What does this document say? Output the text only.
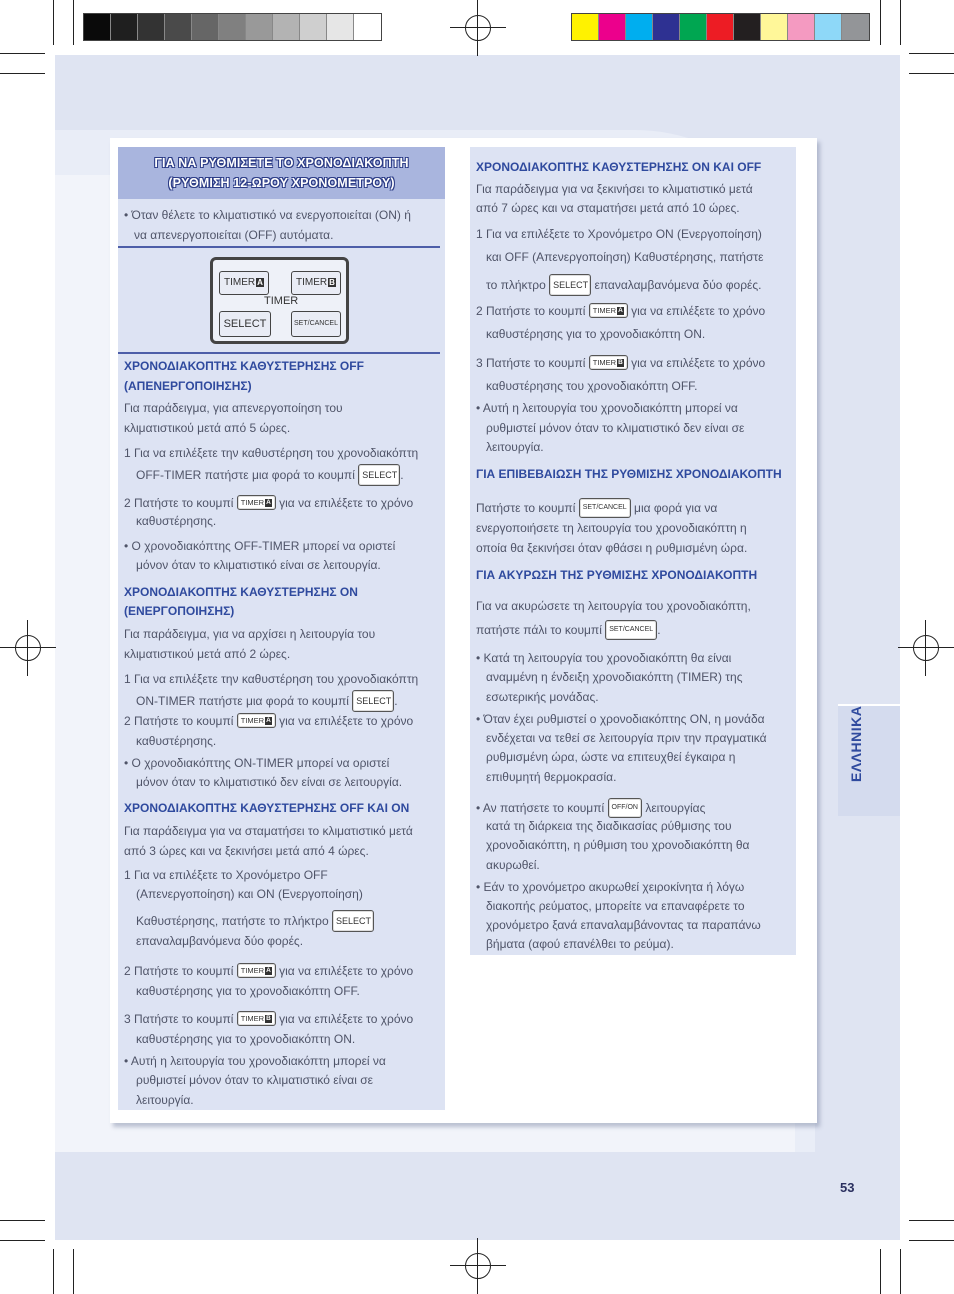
ΓΙΑ ΝΑ ΡΥΘΜΙΣΕΤΕ ΤΟ ΧΡΟΝΟΔΙΑΚΟΠΤΗ
(ΡΥΘΜΙΣΗ 12-ΩΡΟΥ ΧΡΟΝΟΜΕΤΡΟΥ)
• Όταν θέλετε το κλιματιστικό να ενεργοποιείται (ON) ή
να απενεργοποιείται (OFF) αυτόματα.
TIMER A	TIMER B
TIMER
SELECT	SET/CANCEL
ΧΡΟΝΟΔΙΑΚΟΠΤΗΣ ΚΑΘΥΣΤΕΡΗΣΗΣ OFF
(ΑΠΕΝΕΡΓΟΠΟΙΗΣΗΣ)
Για παράδειγμα, για απενεργοποίηση του
κλιματιστικού μετά από 5 ώρες.
1 Για να επιλέξετε την καθυστέρηση του χρονοδιακόπτη
OFF-TIMER πατήστε μια φορά το κουμπί SELECT .
2 Πατήστε το κουμπί TIMER A για να επιλέξετε το χρόνο
καθυστέρησης.
• Ο χρονοδιακόπτης OFF-TIMER μπορεί να οριστεί
μόνον όταν το κλιματιστικό είναι σε λειτουργία.
ΧΡΟΝΟΔΙΑΚΟΠΤΗΣ ΚΑΘΥΣΤΕΡΗΣΗΣ ON
(ΕΝΕΡΓΟΠΟΙΗΣΗΣ)
Για παράδειγμα, για να αρχίσει η λειτουργία του
κλιματιστικού μετά από 2 ώρες.
1 Για να επιλέξετε την καθυστέρηση του χρονοδιακόπτη
ON-TIMER πατήστε μια φορά το κουμπί SELECT .
2 Πατήστε το κουμπί TIMER A για να επιλέξετε το χρόνο
καθυστέρησης.
• Ο χρονοδιακόπτης ON-TIMER μπορεί να οριστεί
μόνον όταν το κλιματιστικό δεν είναι σε λειτουργία.
ΧΡΟΝΟΔΙΑΚΟΠΤΗΣ ΚΑΘΥΣΤΕΡΗΣΗΣ OFF ΚΑΙ ON
Για παράδειγμα για να σταματήσει το κλιματιστικό μετά
από 3 ώρες και να ξεκινήσει μετά από 4 ώρες.
1 Για να επιλέξετε το Χρονόμετρο OFF
(Απενεργοποίηση) και ON (Ενεργοποίηση)
Καθυστέρησης, πατήστε το πλήκτρο SELECT
επαναλαμβανόμενα δύο φορές.
2 Πατήστε το κουμπί TIMER A για να επιλέξετε το χρόνο
καθυστέρησης για το χρονοδιακόπτη OFF.
3 Πατήστε το κουμπί TIMER B για να επιλέξετε το χρόνο
καθυστέρησης για το χρονοδιακόπτη ON.
• Αυτή η λειτουργία του χρονοδιακόπτη μπορεί να
ρυθμιστεί μόνον όταν το κλιματιστικό είναι σε
λειτουργία.
ΧΡΟΝΟΔΙΑΚΟΠΤΗΣ ΚΑΘΥΣΤΕΡΗΣΗΣ ON ΚΑΙ OFF
Για παράδειγμα για να ξεκινήσει το κλιματιστικό μετά
από 7 ώρες και να σταματήσει μετά από 10 ώρες.
1 Για να επιλέξετε το Χρονόμετρο ON (Ενεργοποίηση)
και OFF (Απενεργοποίηση) Καθυστέρησης, πατήστε
το πλήκτρο SELECT επαναλαμβανόμενα δύο φορές.
2 Πατήστε το κουμπί TIMER A για να επιλέξετε το χρόνο
καθυστέρησης για το χρονοδιακόπτη ON.
3 Πατήστε το κουμπί TIMER B για να επιλέξετε το χρόνο
καθυστέρησης του χρονοδιακόπτη OFF.
• Αυτή η λειτουργία του χρονοδιακόπτη μπορεί να
ρυθμιστεί μόνον όταν το κλιματιστικό δεν είναι σε
λειτουργία.
ΓΙΑ ΕΠΙΒΕΒΑΙΩΣΗ ΤΗΣ ΡΥΘΜΙΣΗΣ ΧΡΟΝΟΔΙΑΚΟΠΤΗ
Πατήστε το κουμπί SET/CANCEL μια φορά για να
ενεργοποιήσετε τη λειτουργία του χρονοδιακόπτη η
οποία θα ξεκινήσει όταν φθάσει η ρυθμισμένη ώρα.
ΓΙΑ ΑΚΥΡΩΣΗ ΤΗΣ ΡΥΘΜΙΣΗΣ ΧΡΟΝΟΔΙΑΚΟΠΤΗ
Για να ακυρώσετε τη λειτουργία του χρονοδιακόπτη,
πατήστε πάλι το κουμπί SET/CANCEL .
• Κατά τη λειτουργία του χρονοδιακόπτη θα είναι
αναμμένη η ένδειξη χρονοδιακόπτη (TIMER) της
εσωτερικής μονάδας.
• Όταν έχει ρυθμιστεί ο χρονοδιακόπτης ON, η μονάδα
ενδέχεται να τεθεί σε λειτουργία πριν την πραγματικά
ρυθμισμένη ώρα, ώστε να επιτευχθεί έγκαιρα η
επιθυμητή θερμοκρασία.
• Αν πατήσετε το κουμπί OFF/ON λειτουργίας
κατά τη διάρκεια της διαδικασίας ρύθμισης του
χρονοδιακόπτη, η ρύθμιση του χρονοδιακόπτη θα
ακυρωθεί.
• Εάν το χρονόμετρο ακυρωθεί χειροκίνητα ή λόγω
διακοπής ρεύματος, μπορείτε να επαναφέρετε το
χρονόμετρο ξανά επαναλαμβάνοντας τα παραπάνω
βήματα (αφού επανέλθει το ρεύμα).
ΕΛΛΗΝΙΚΑ
53
